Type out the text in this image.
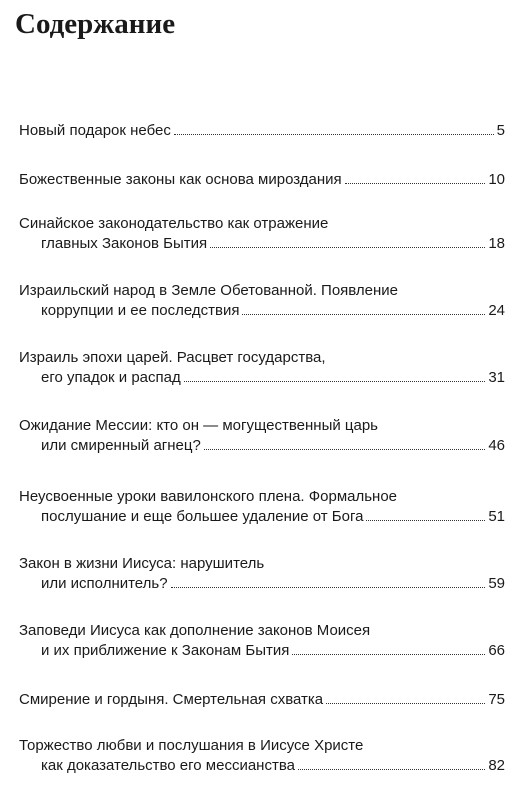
Содержание
Новый подарок небес	5
Божественные законы как основа мироздания	10
Синайское законодательство как отражение
главных Законов Бытия	18
Израильский народ в Земле Обетованной. Появление
коррупции и ее последствия	24
Израиль эпохи царей. Расцвет государства,
его упадок и распад	31
Ожидание Мессии: кто он — могущественный царь
или смиренный агнец?	46
Неусвоенные уроки вавилонского плена. Формальное
послушание и еще большее удаление от Бога	51
Закон в жизни Иисуса: нарушитель
или исполнитель?	59
Заповеди Иисуса как дополнение законов Моисея
и их приближение к Законам Бытия	66
Смирение и гордыня. Смертельная схватка	75
Торжество любви и послушания в Иисусе Христе
как доказательство его мессианства	82
